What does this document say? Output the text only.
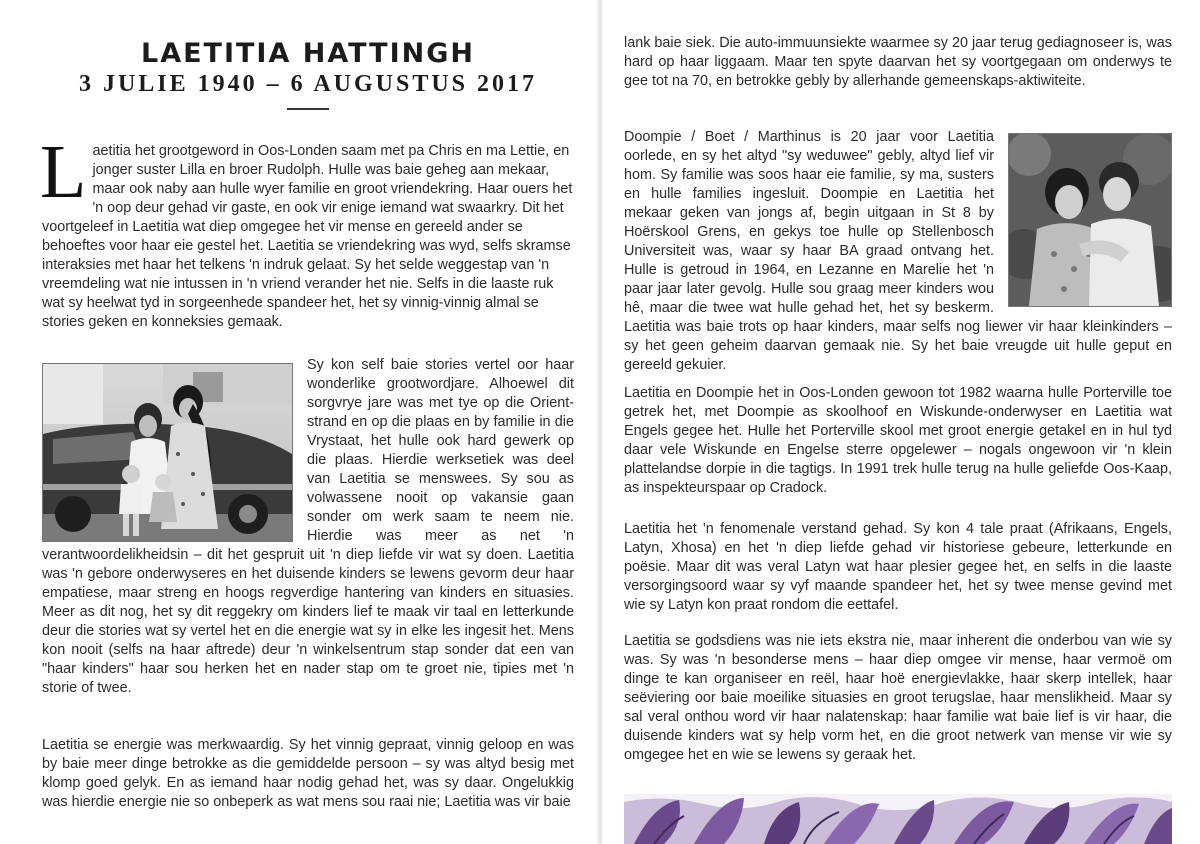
LAETITIA HATTINGH
3 JULIE 1940 – 6 AUGUSTUS 2017
L aetitia het grootgeword in Oos-Londen saam met pa Chris en ma Lettie, en jonger suster Lilla en broer Rudolph. Hulle was baie geheg aan mekaar, maar ook naby aan hulle wyer familie en groot vriendekring. Haar ouers het 'n oop deur gehad vir gaste, en ook vir enige iemand wat swaarkry. Dit het voortgeleef in Laetitia wat diep omgegee het vir mense en gereeld ander se behoeftes voor haar eie gestel het. Laetitia se vriendekring was wyd, selfs skramse interaksies met haar het telkens 'n indruk gelaat. Sy het selde weggestap van 'n vreemdeling wat nie intussen in 'n vriend verander het nie. Selfs in die laaste ruk wat sy heelwat tyd in sorgeenhede spandeer het, het sy vinnig-vinnig almal se stories geken en konneksies gemaak.

Sy kon self baie stories vertel oor haar wonderlike grootwordjare. Alhoewel dit sorgvrye jare was met tye op die Orient-strand en op die plaas en by familie in die Vrystaat, het hulle ook hard gewerk op die plaas. Hierdie werksetiek was deel van Laetitia se menswees. Sy sou as volwassene nooit op vakansie gaan sonder om werk saam te neem nie. Hierdie was meer as net 'n verantwoordelikheidsin – dit het gespruit uit 'n diep liefde vir wat sy doen. Laetitia was 'n gebore onderwyseres en het duisende kinders se lewens gevorm deur haar empatiese, maar streng en hoogs regverdige hantering van kinders en situasies. Meer as dit nog, het sy dit reggekry om kinders lief te maak vir taal en letterkunde deur die stories wat sy vertel het en die energie wat sy in elke les ingesit het. Mens kon nooit (selfs na haar aftrede) deur 'n winkelsentrum stap sonder dat een van "haar kinders" haar sou herken het en nader stap om te groet nie, tipies met 'n storie of twee.

Laetitia se energie was merkwaardig. Sy het vinnig gepraat, vinnig geloop en was by baie meer dinge betrokke as die gemiddelde persoon – sy was altyd besig met klomp goed gelyk. En as iemand haar nodig gehad het, was sy daar. Ongelukkig was hierdie energie nie so onbeperk as wat mens sou raai nie; Laetitia was vir baie

lank baie siek. Die auto-immuunsiekte waarmee sy 20 jaar terug gediagnoseer is, was hard op haar liggaam. Maar ten spyte daarvan het sy voortgegaan om onderwys te gee tot na 70, en betrokke gebly by allerhande gemeenskaps-aktiwiteite.

Doompie / Boet / Marthinus is 20 jaar voor Laetitia oorlede, en sy het altyd "sy weduwee" gebly, altyd lief vir hom. Sy familie was soos haar eie familie, sy ma, susters en hulle families ingesluit. Doompie en Laetitia het mekaar geken van jongs af, begin uitgaan in St 8 by Hoërskool Grens, en gekys toe hulle op Stellenbosch Universiteit was, waar sy haar BA graad ontvang het. Hulle is getroud in 1964, en Lezanne en Marelie het 'n paar jaar later gevolg. Hulle sou graag meer kinders wou hê, maar die twee wat hulle gehad het, het sy beskerm. Laetitia was baie trots op haar kinders, maar selfs nog liewer vir haar kleinkinders – sy het geen geheim daarvan gemaak nie. Sy het baie vreugde uit hulle geput en gereeld gekuier.

Laetitia en Doompie het in Oos-Londen gewoon tot 1982 waarna hulle Porterville toe getrek het, met Doompie as skoolhoof en Wiskunde-onderwyser en Laetitia wat Engels gegee het. Hulle het Porterville skool met groot energie getakel en in hul tyd daar vele Wiskunde en Engelse sterre opgelewer – nogals ongewoon vir 'n klein plattelandse dorpie in die tagtigs. In 1991 trek hulle terug na hulle geliefde Oos-Kaap, as inspekteurspaar op Cradock.

Laetitia het 'n fenomenale verstand gehad. Sy kon 4 tale praat (Afrikaans, Engels, Latyn, Xhosa) en het 'n diep liefde gehad vir historiese gebeure, letterkunde en poësie. Maar dit was veral Latyn wat haar plesier gegee het, en selfs in die laaste versorgingsoord waar sy vyf maande spandeer het, het sy twee mense gevind met wie sy Latyn kon praat rondom die eettafel.

Laetitia se godsdiens was nie iets ekstra nie, maar inherent die onderbou van wie sy was. Sy was 'n besonderse mens – haar diep omgee vir mense, haar vermoë om dinge te kan organiseer en reël, haar hoë energievlakke, haar skerp intellek, haar seëviering oor baie moeilike situasies en groot terugslae, haar menslikheid. Maar sy sal veral onthou word vir haar nalatenskap: haar familie wat baie lief is vir haar, die duisende kinders wat sy help vorm het, en die groot netwerk van mense vir wie sy omgegee het en wie se lewens sy geraak het.
